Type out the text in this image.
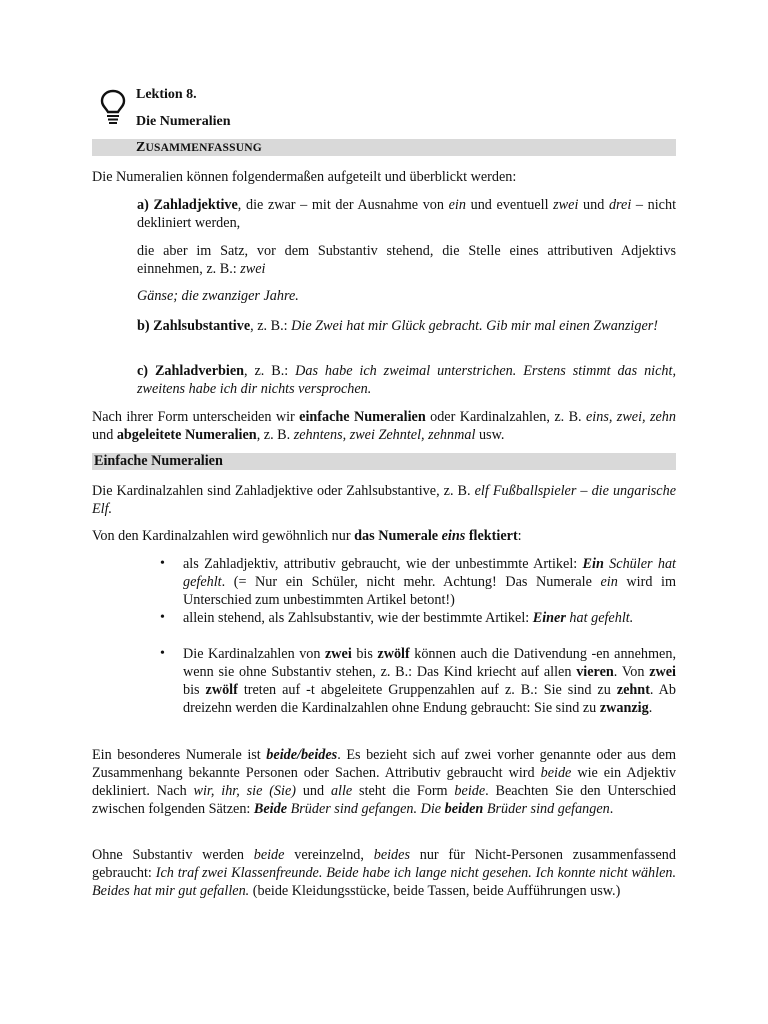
Lektion 8.
Die Numeralien
ZUSAMMENFASSUNG

Die Numeralien können folgendermaßen aufgeteilt und überblickt werden:

a) Zahladjektive, die zwar – mit der Ausnahme von ein und eventuell zwei und drei – nicht dekliniert werden,

die aber im Satz, vor dem Substantiv stehend, die Stelle eines attributiven Adjektivs einnehmen, z. B.: zwei

Gänse; die zwanziger Jahre.

b) Zahlsubstantive, z. B.: Die Zwei hat mir Glück gebracht. Gib mir mal einen Zwanziger!

c) Zahladverbien, z. B.: Das habe ich zweimal unterstrichen. Erstens stimmt das nicht, zweitens habe ich dir nichts versprochen.

Nach ihrer Form unterscheiden wir einfache Numeralien oder Kardinalzahlen, z. B. eins, zwei, zehn und abgeleitete Numeralien, z. B. zehntens, zwei Zehntel, zehnmal usw.

Einfache Numeralien

Die Kardinalzahlen sind Zahladjektive oder Zahlsubstantive, z. B. elf Fußballspieler – die ungarische Elf.

Von den Kardinalzahlen wird gewöhnlich nur das Numerale eins flektiert:

• als Zahladjektiv, attributiv gebraucht, wie der unbestimmte Artikel: Ein Schüler hat gefehlt. (= Nur ein Schüler, nicht mehr. Achtung! Das Numerale ein wird im Unterschied zum unbestimmten Artikel betont!)

• allein stehend, als Zahlsubstantiv, wie der bestimmte Artikel: Einer hat gefehlt.

• Die Kardinalzahlen von zwei bis zwölf können auch die Dativendung -en annehmen, wenn sie ohne Substantiv stehen, z. B.: Das Kind kriecht auf allen vieren. Von zwei bis zwölf treten auf -t abgeleitete Gruppenzahlen auf z. B.: Sie sind zu zehnt. Ab dreizehn werden die Kardinalzahlen ohne Endung gebraucht: Sie sind zu zwanzig.

Ein besonderes Numerale ist beide/beides. Es bezieht sich auf zwei vorher genannte oder aus dem Zusammenhang bekannte Personen oder Sachen. Attributiv gebraucht wird beide wie ein Adjektiv dekliniert. Nach wir, ihr, sie (Sie) und alle steht die Form beide. Beachten Sie den Unterschied zwischen folgenden Sätzen: Beide Brüder sind gefangen. Die beiden Brüder sind gefangen.

Ohne Substantiv werden beide vereinzelnd, beides nur für Nicht-Personen zusammenfassend gebraucht: Ich traf zwei Klassenfreunde. Beide habe ich lange nicht gesehen. Ich konnte nicht wählen. Beides hat mir gut gefallen. (beide Kleidungsstücke, beide Tassen, beide Aufführungen usw.)
